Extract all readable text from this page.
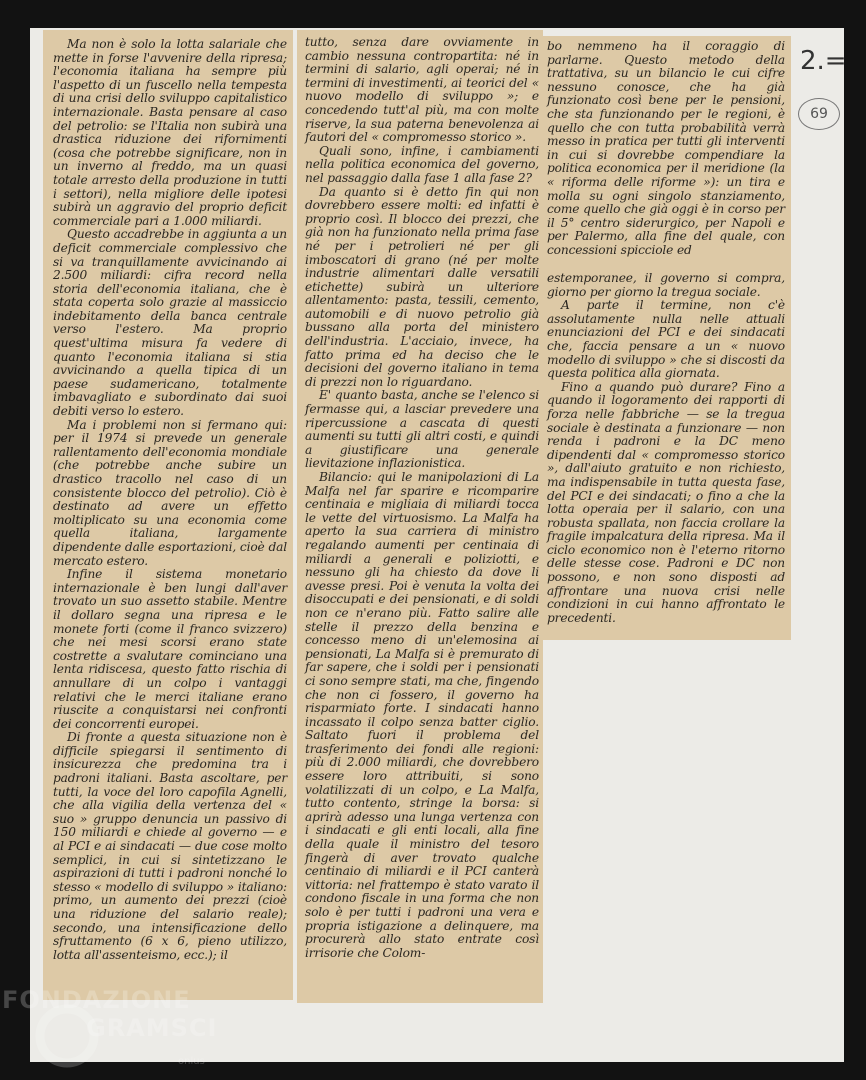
Ma non è solo la lotta salariale che mette in forse l'avvenire della ripresa; l'economia italiana ha sempre più l'aspetto di un fuscello nella tempesta di una crisi dello sviluppo capitalistico internazionale. Basta pensare al caso del petrolio: se l'Italia non subirà una drastica riduzione dei rifornimenti (cosa che potrebbe significare, non in un inverno al freddo, ma un quasi totale arresto della produzione in tutti i settori), nella migliore delle ipotesi subirà un aggravio del proprio deficit commerciale pari a 1.000 miliardi.

Questo accadrebbe in aggiunta a un deficit commerciale complessivo che si va tranquillamente avvicinando ai 2.500 miliardi: cifra record nella storia dell'economia italiana, che è stata coperta solo grazie al massiccio indebitamento della banca centrale verso l'estero. Ma proprio quest'ultima misura fa vedere di quanto l'economia italiana si stia avvicinando a quella tipica di un paese sudamericano, totalmente imbavagliato e subordinato dai suoi debiti verso lo estero.

Ma i problemi non si fermano qui: per il 1974 si prevede un generale rallentamento dell'economia mondiale (che potrebbe anche subire un drastico tracollo nel caso di un consistente blocco del petrolio). Ciò è destinato ad avere un effetto moltiplicato su una economia come quella italiana, largamente dipendente dalle esportazioni, cioè dal mercato estero.

Infine il sistema monetario internazionale è ben lungi dall'aver trovato un suo assetto stabile. Mentre il dollaro segna una ripresa e le monete forti (come il franco svizzero) che nei mesi scorsi erano state costrette a svalutare cominciano una lenta ridiscesa, questo fatto rischia di annullare di un colpo i vantaggi relativi che le merci italiane erano riuscite a conquistarsi nei confronti dei concorrenti europei.

Di fronte a questa situazione non è difficile spiegarsi il sentimento di insicurezza che predomina tra i padroni italiani. Basta ascoltare, per tutti, la voce del loro capofila Agnelli, che alla vigilia della vertenza del « suo » gruppo denuncia un passivo di 150 miliardi e chiede al governo — e al PCI e ai sindacati — due cose molto semplici, in cui si sintetizzano le aspirazioni di tutti i padroni nonché lo stesso « modello di sviluppo » italiano: primo, un aumento dei prezzi (cioè una riduzione del salario reale); secondo, una intensificazione dello sfruttamento (6 x 6, pieno utilizzo, lotta all'assenteismo, ecc.); il

tutto, senza dare ovviamente in cambio nessuna contropartita: né in termini di salario, agli operai; né in termini di investimenti, ai teorici del « nuovo modello di sviluppo »; e concedendo tutt'al più, ma con molte riserve, la sua paterna benevolenza ai fautori del « compromesso storico ».

Quali sono, infine, i cambiamenti nella politica economica del governo, nel passaggio dalla fase 1 alla fase 2?

Da quanto si è detto fin qui non dovrebbero essere molti: ed infatti è proprio così. Il blocco dei prezzi, che già non ha funzionato nella prima fase né per i petrolieri né per gli imboscatori di grano (né per molte industrie alimentari dalle versatili etichette) subirà un ulteriore allentamento: pasta, tessili, cemento, automobili e di nuovo petrolio già bussano alla porta del ministero dell'industria. L'acciaio, invece, ha fatto prima ed ha deciso che le decisioni del governo italiano in tema di prezzi non lo riguardano.

E' quanto basta, anche se l'elenco si fermasse qui, a lasciar prevedere una ripercussione a cascata di questi aumenti su tutti gli altri costi, e quindi a giustificare una generale lievitazione inflazionistica.

Bilancio: qui le manipolazioni di La Malfa nel far sparire e ricomparire centinaia e migliaia di miliardi tocca le vette del virtuosismo. La Malfa ha aperto la sua carriera di ministro regalando aumenti per centinaia di miliardi a generali e poliziotti, e nessuno gli ha chiesto da dove li avesse presi. Poi è venuta la volta dei disoccupati e dei pensionati, e di soldi non ce n'erano più. Fatto salire alle stelle il prezzo della benzina e concesso meno di un'elemosina ai pensionati, La Malfa si è premurato di far sapere, che i soldi per i pensionati ci sono sempre stati, ma che, fingendo che non ci fossero, il governo ha risparmiato forte. I sindacati hanno incassato il colpo senza batter ciglio. Saltato fuori il problema del trasferimento dei fondi alle regioni: più di 2.000 miliardi, che dovrebbero essere loro attribuiti, si sono volatilizzati di un colpo, e La Malfa, tutto contento, stringe la borsa: si aprirà adesso una lunga vertenza con i sindacati e gli enti locali, alla fine della quale il ministro del tesoro fingerà di aver trovato qualche centinaio di miliardi e il PCI canterà vittoria: nel frattempo è stato varato il condono fiscale in una forma che non solo è per tutti i padroni una vera e propria istigazione a delinquere, ma procurerà allo stato entrate così irrisorie che Colom-

bo nemmeno ha il coraggio di parlarne. Questo metodo della trattativa, su un bilancio le cui cifre nessuno conosce, che ha già funzionato così bene per le pensioni, che sta funzionando per le regioni, è quello che con tutta probabilità verrà messo in pratica per tutti gli interventi in cui si dovrebbe compendiare la politica economica per il meridione (la « riforma delle riforme »): un tira e molla su ogni singolo stanziamento, come quello che già oggi è in corso per il 5° centro siderurgico, per Napoli e per Palermo, alla fine del quale, con concessioni spicciole ed

estemporanee, il governo si compra, giorno per giorno la tregua sociale.

A parte il termine, non c'è assolutamente nulla nelle attuali enunciazioni del PCI e dei sindacati che, faccia pensare a un « nuovo modello di sviluppo » che si discosti da questa politica alla giornata.

Fino a quando può durare? Fino a quando il logoramento dei rapporti di forza nelle fabbriche — se la tregua sociale è destinata a funzionare — non renda i padroni e la DC meno dipendenti dal « compromesso storico », dall'aiuto gratuito e non richiesto, ma indispensabile in tutta questa fase, del PCI e dei sindacati; o fino a che la lotta operaia per il salario, con una robusta spallata, non faccia crollare la fragile impalcatura della ripresa. Ma il ciclo economico non è l'eterno ritorno delle stesse cose. Padroni e DC non possono, e non sono disposti ad affrontare una nuova crisi nelle condizioni in cui hanno affrontato le precedenti.

2.=
69
FONDAZIONE
GRAMSCI
onlus
